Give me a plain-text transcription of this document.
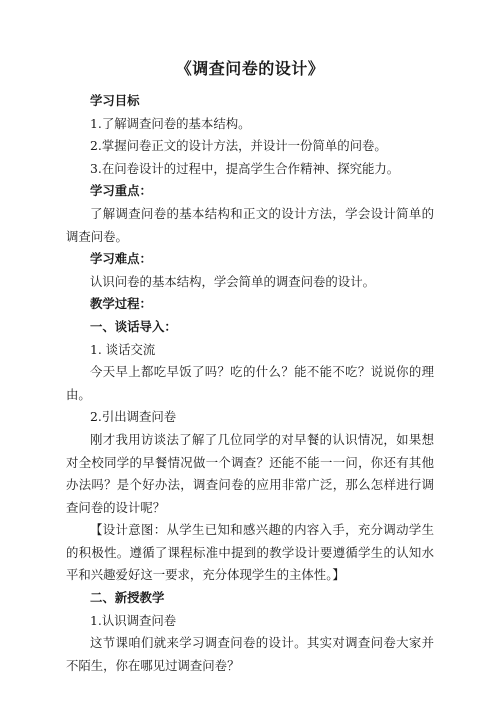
《调查问卷的设计》
学习目标
1.了解调查问卷的基本结构。
2.掌握问卷正文的设计方法，并设计一份简单的问卷。
3.在问卷设计的过程中，提高学生合作精神、探究能力。
学习重点：
了解调查问卷的基本结构和正文的设计方法，学会设计简单的调查问卷。
学习难点：
认识问卷的基本结构，学会简单的调查问卷的设计。
教学过程：
一、谈话导入：
1. 谈话交流
今天早上都吃早饭了吗？吃的什么？能不能不吃？说说你的理由。
2.引出调查问卷
刚才我用访谈法了解了几位同学的对早餐的认识情况，如果想对全校同学的早餐情况做一个调查？还能不能一一问，你还有其他办法吗？是个好办法，调查问卷的应用非常广泛，那么怎样进行调查问卷的设计呢？
【设计意图：从学生已知和感兴趣的内容入手，充分调动学生的积极性。遵循了课程标准中提到的教学设计要遵循学生的认知水平和兴趣爱好这一要求，充分体现学生的主体性。】
二、新授教学
1.认识调查问卷
这节课咱们就来学习调查问卷的设计。其实对调查问卷大家并不陌生，你在哪见过调查问卷？
